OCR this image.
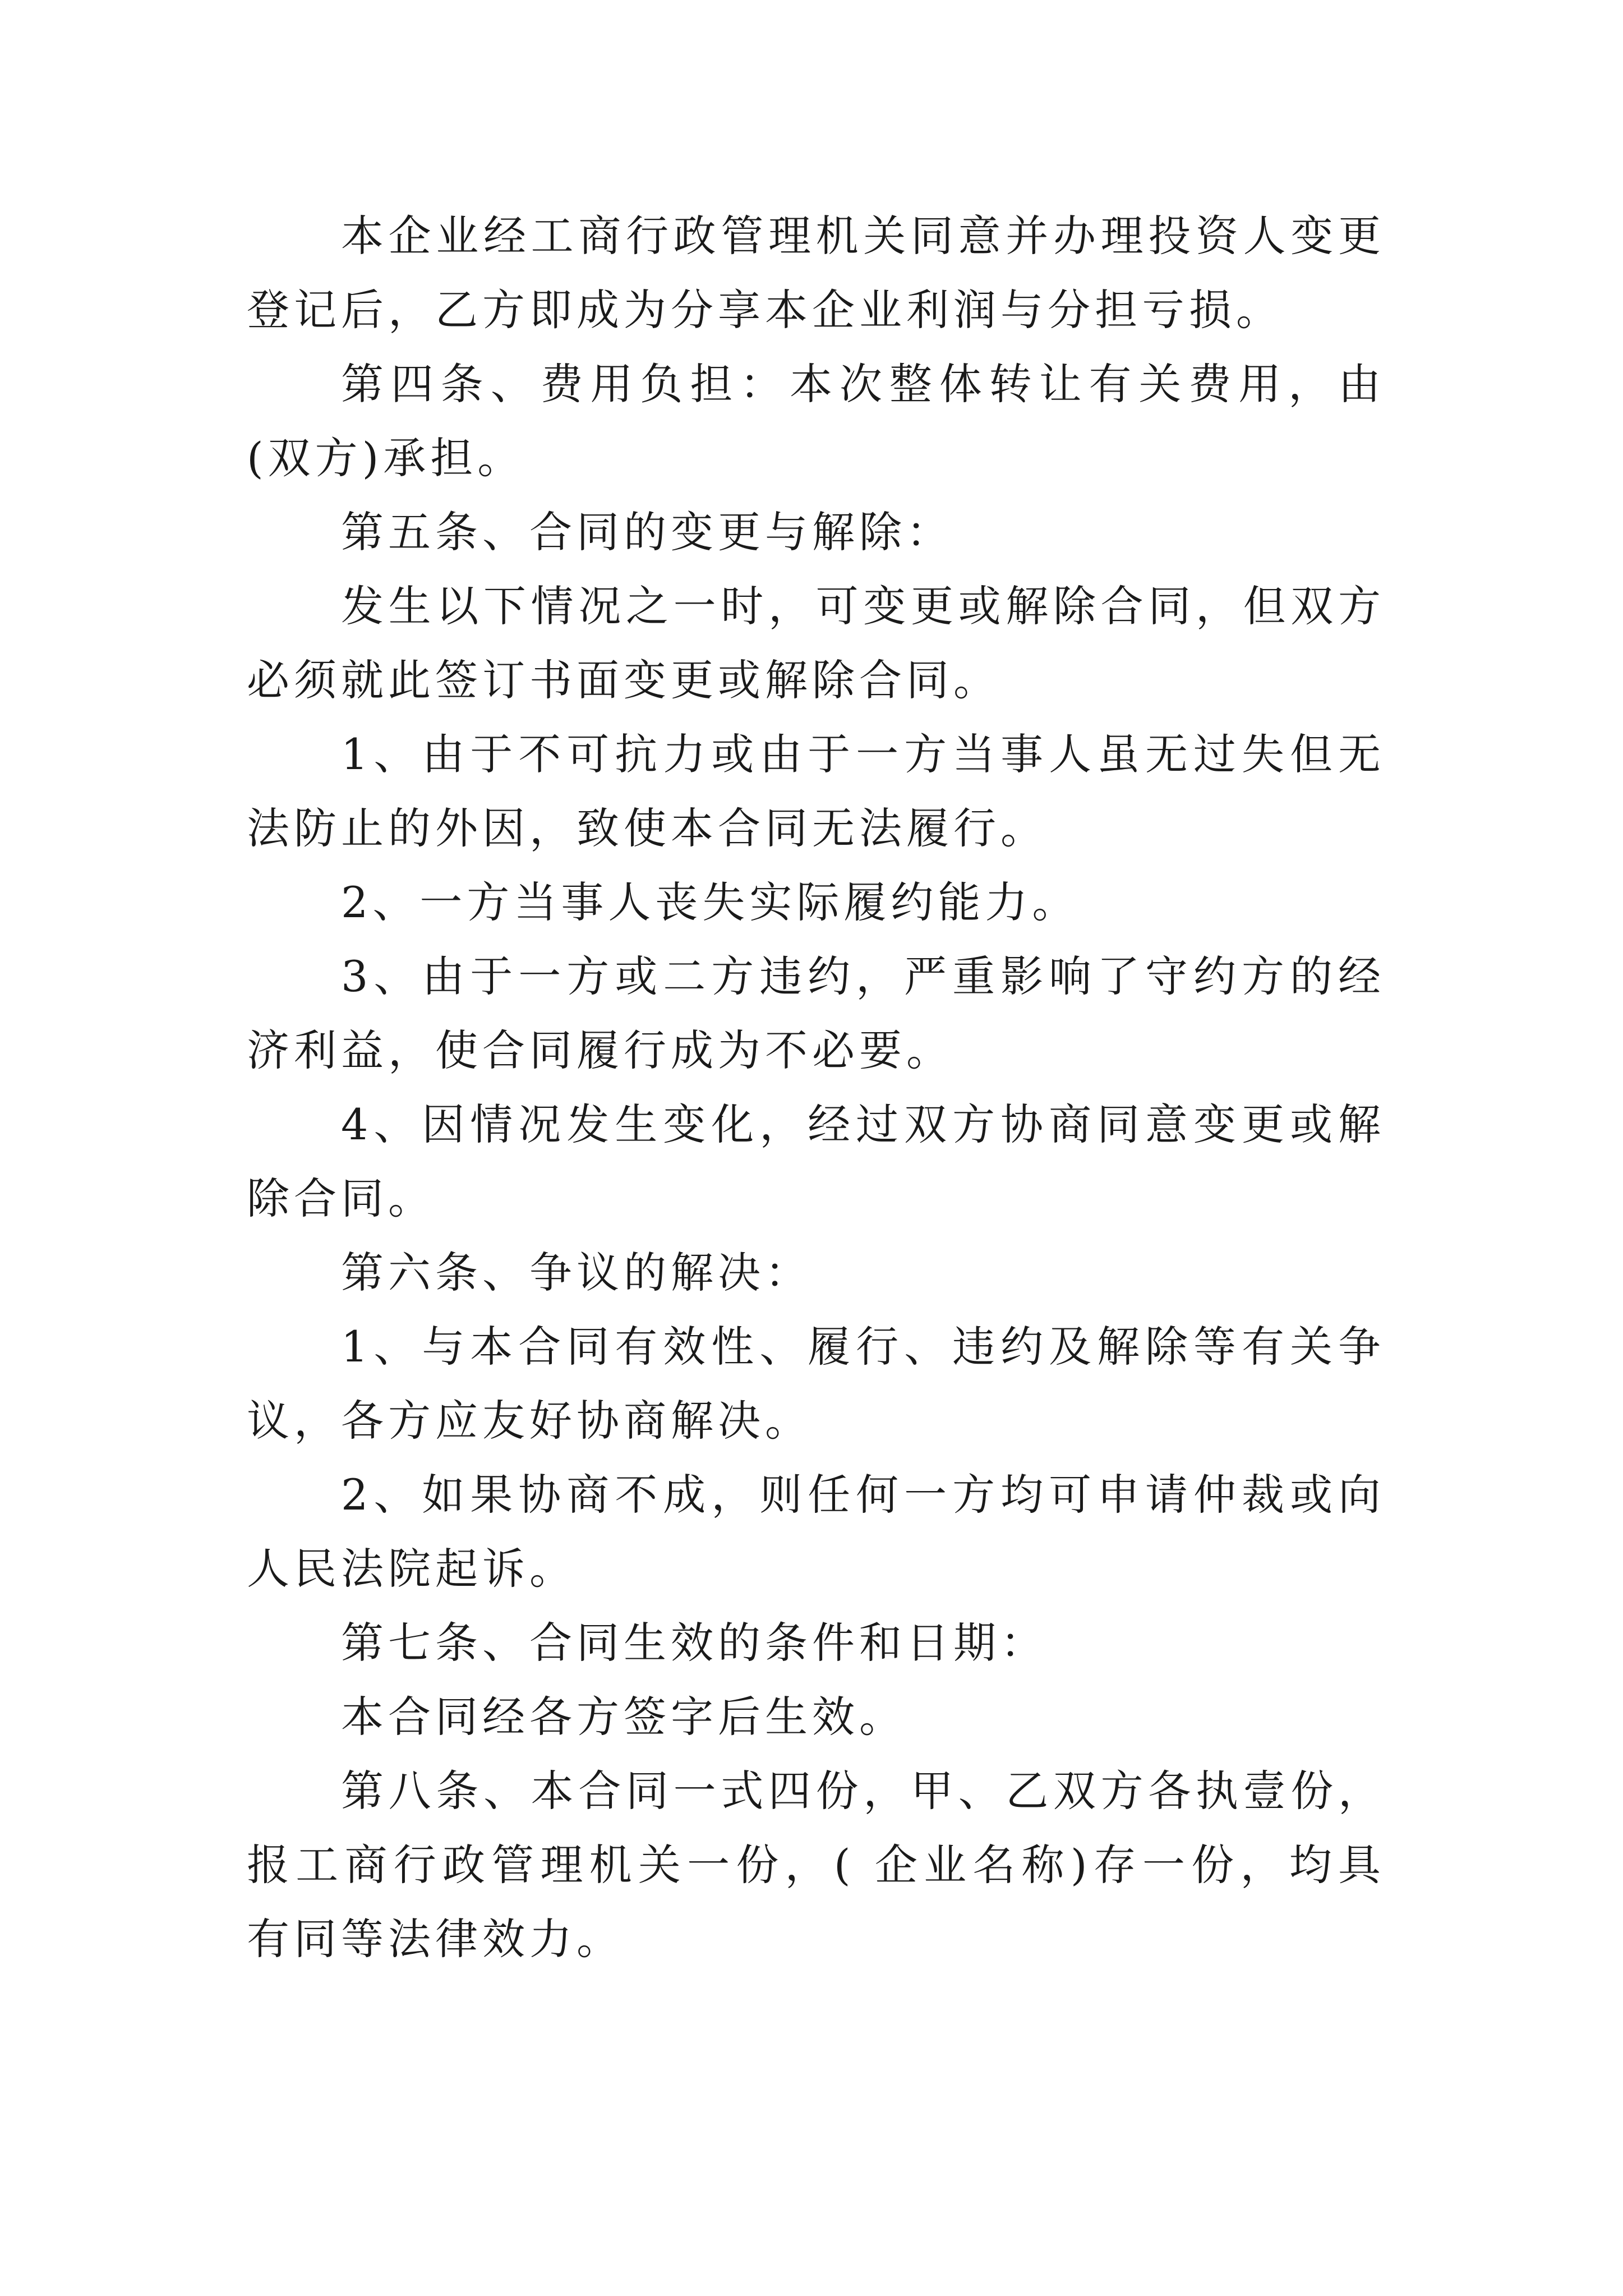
本企业经工商行政管理机关同意并办理投资人变更登记后，乙方即成为分享本企业利润与分担亏损。

第四条、费用负担：本次整体转让有关费用，由(双方)承担。

第五条、合同的变更与解除：

发生以下情况之一时，可变更或解除合同，但双方必须就此签订书面变更或解除合同。

1、由于不可抗力或由于一方当事人虽无过失但无法防止的外因，致使本合同无法履行。

2、一方当事人丧失实际履约能力。

3、由于一方或二方违约，严重影响了守约方的经济利益，使合同履行成为不必要。

4、因情况发生变化，经过双方协商同意变更或解除合同。

第六条、争议的解决：

1、与本合同有效性、履行、违约及解除等有关争议，各方应友好协商解决。

2、如果协商不成，则任何一方均可申请仲裁或向人民法院起诉。

第七条、合同生效的条件和日期：

本合同经各方签字后生效。

第八条、本合同一式四份，甲、乙双方各执壹份，报工商行政管理机关一份，( 企业名称)存一份，均具有同等法律效力。
